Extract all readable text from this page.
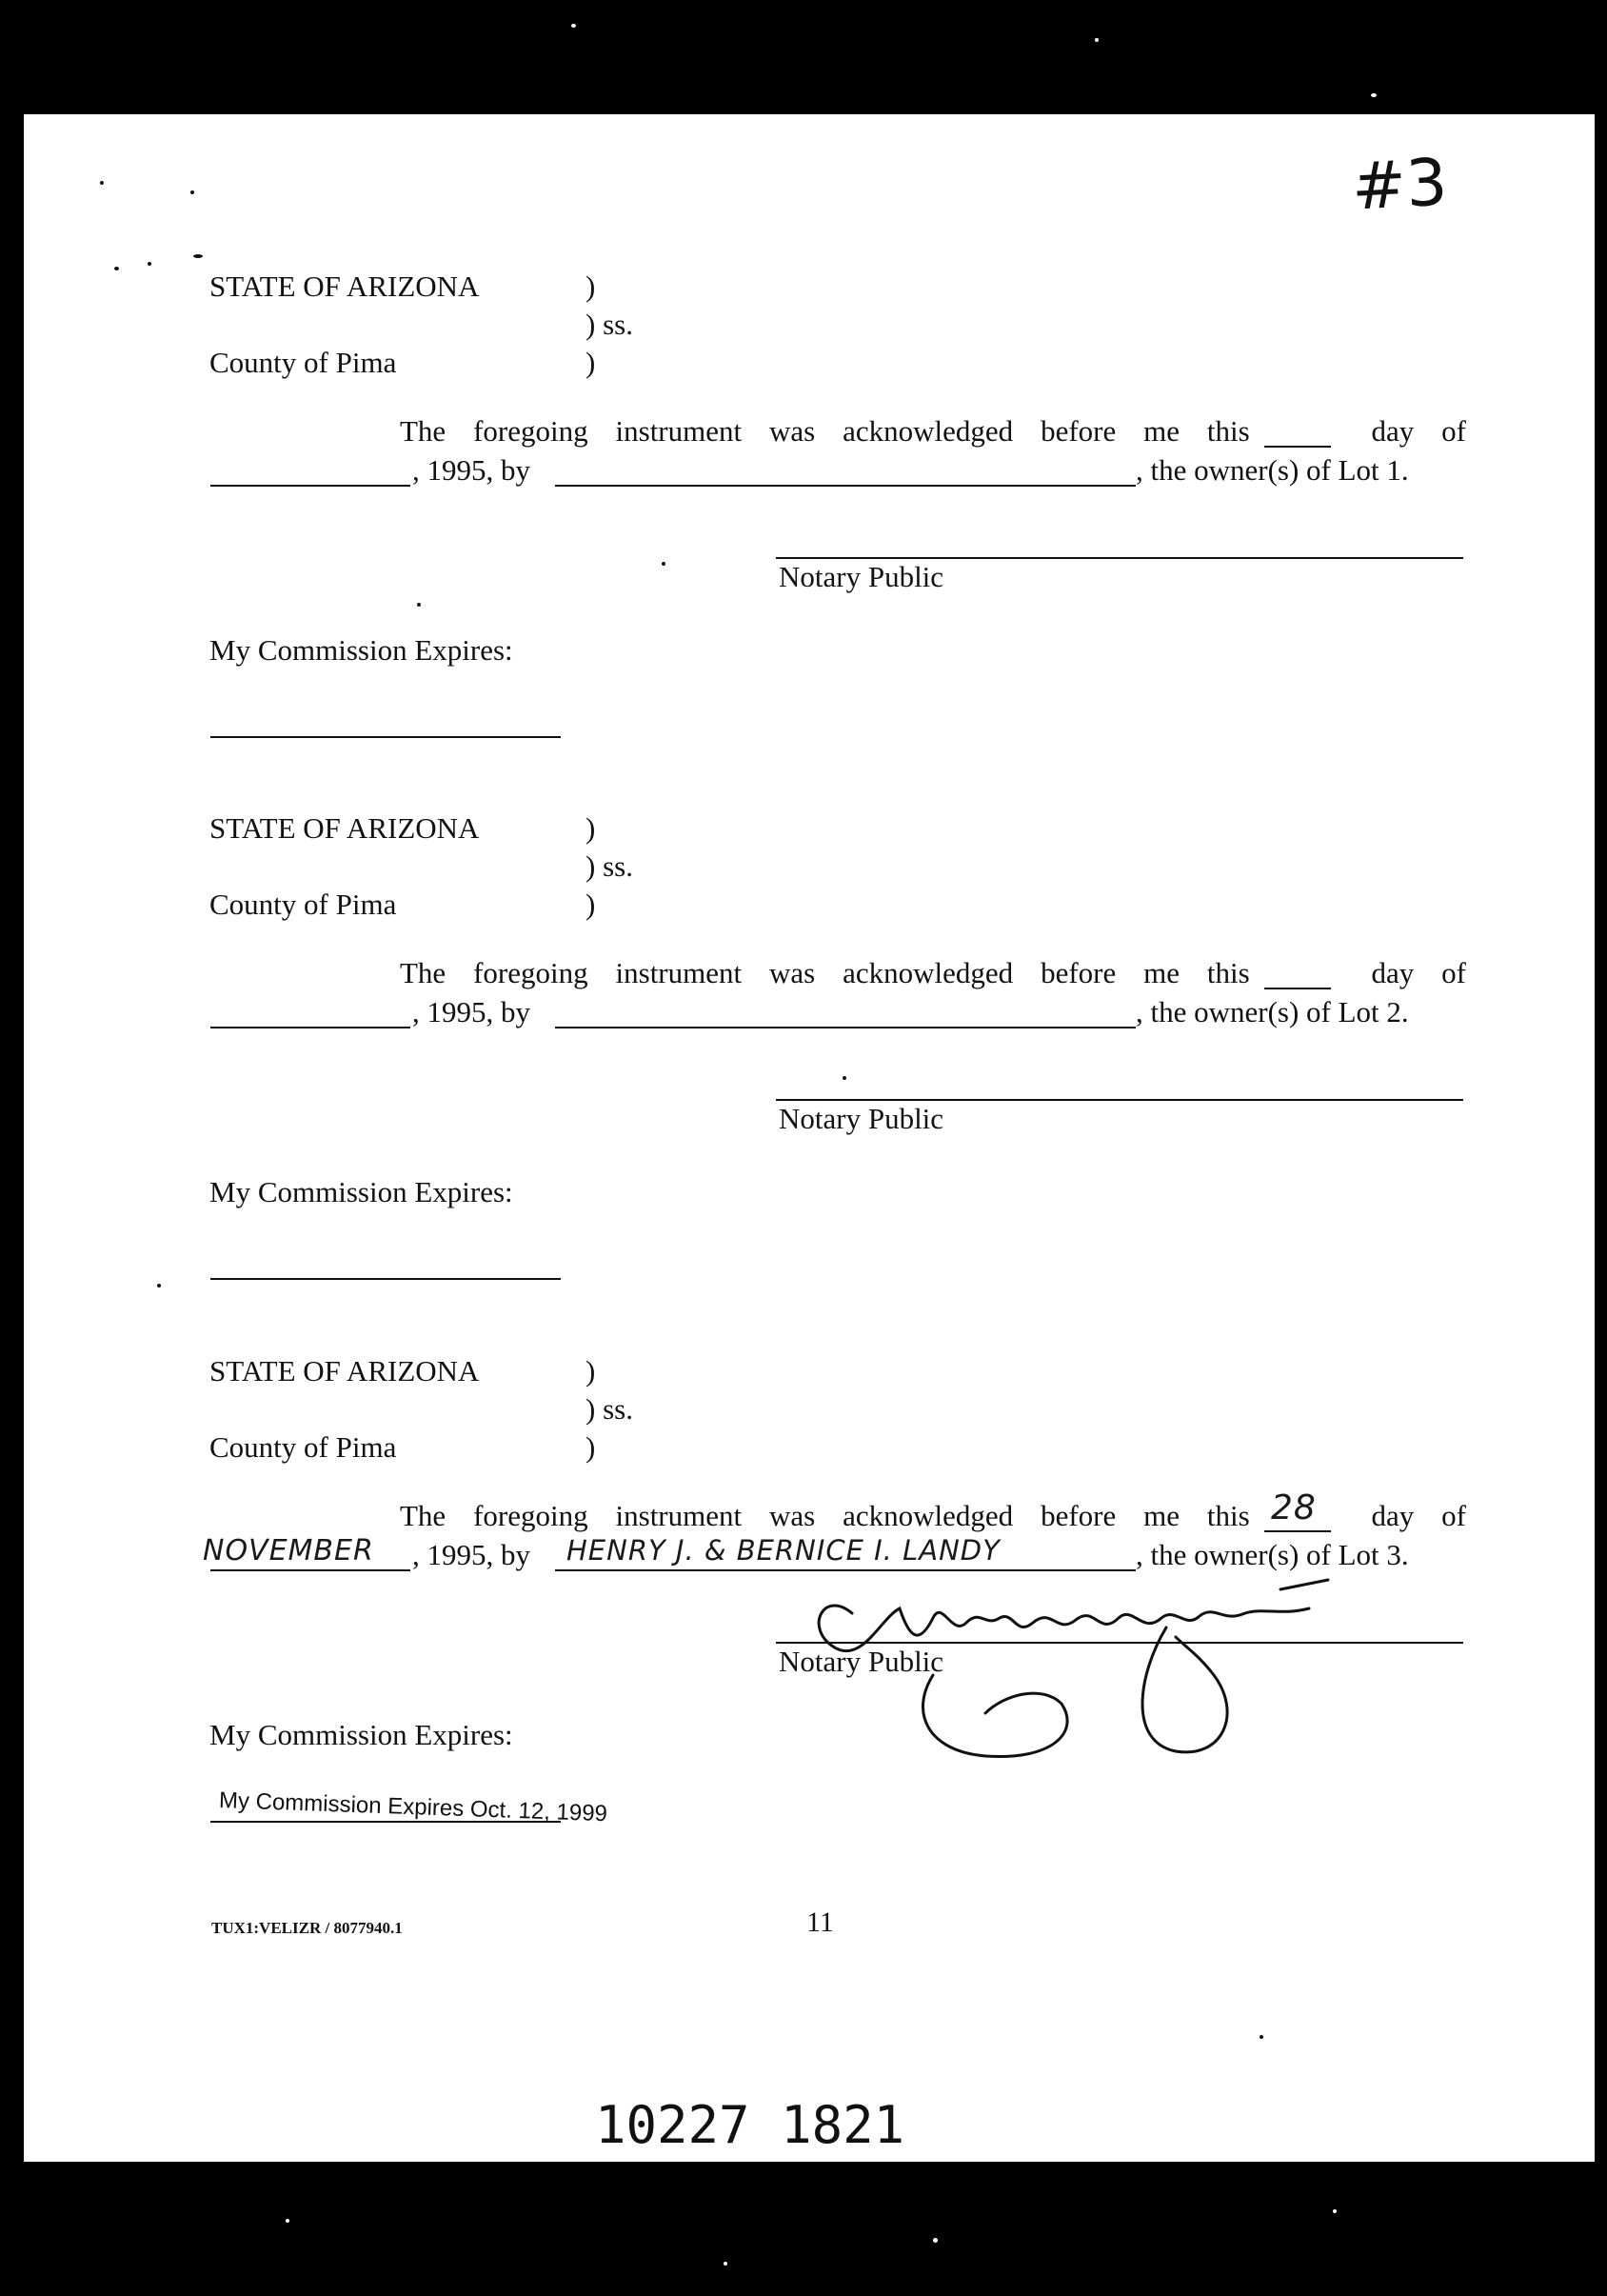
#3
STATE OF ARIZONA	)
) ss.
County of Pima	)
The foregoing instrument was acknowledged before me this	day of
, 1995, by	, the owner(s) of Lot 1.
Notary Public
My Commission Expires:
STATE OF ARIZONA	)
) ss.
County of Pima	)
The foregoing instrument was acknowledged before me this	day of
, 1995, by	, the owner(s) of Lot 2.
Notary Public
My Commission Expires:
STATE OF ARIZONA	)
) ss.
County of Pima	)
The foregoing instrument was acknowledged before me this	day of
28
NOVEMBER , 1995, by HENRY J. & BERNICE I. LANDY	, the owner(s) of Lot 3.
Notary Public
My Commission Expires:
My Commission Expires Oct. 12, 1999
TUX1:VELIZR / 8077940.1	11
10227 1821
